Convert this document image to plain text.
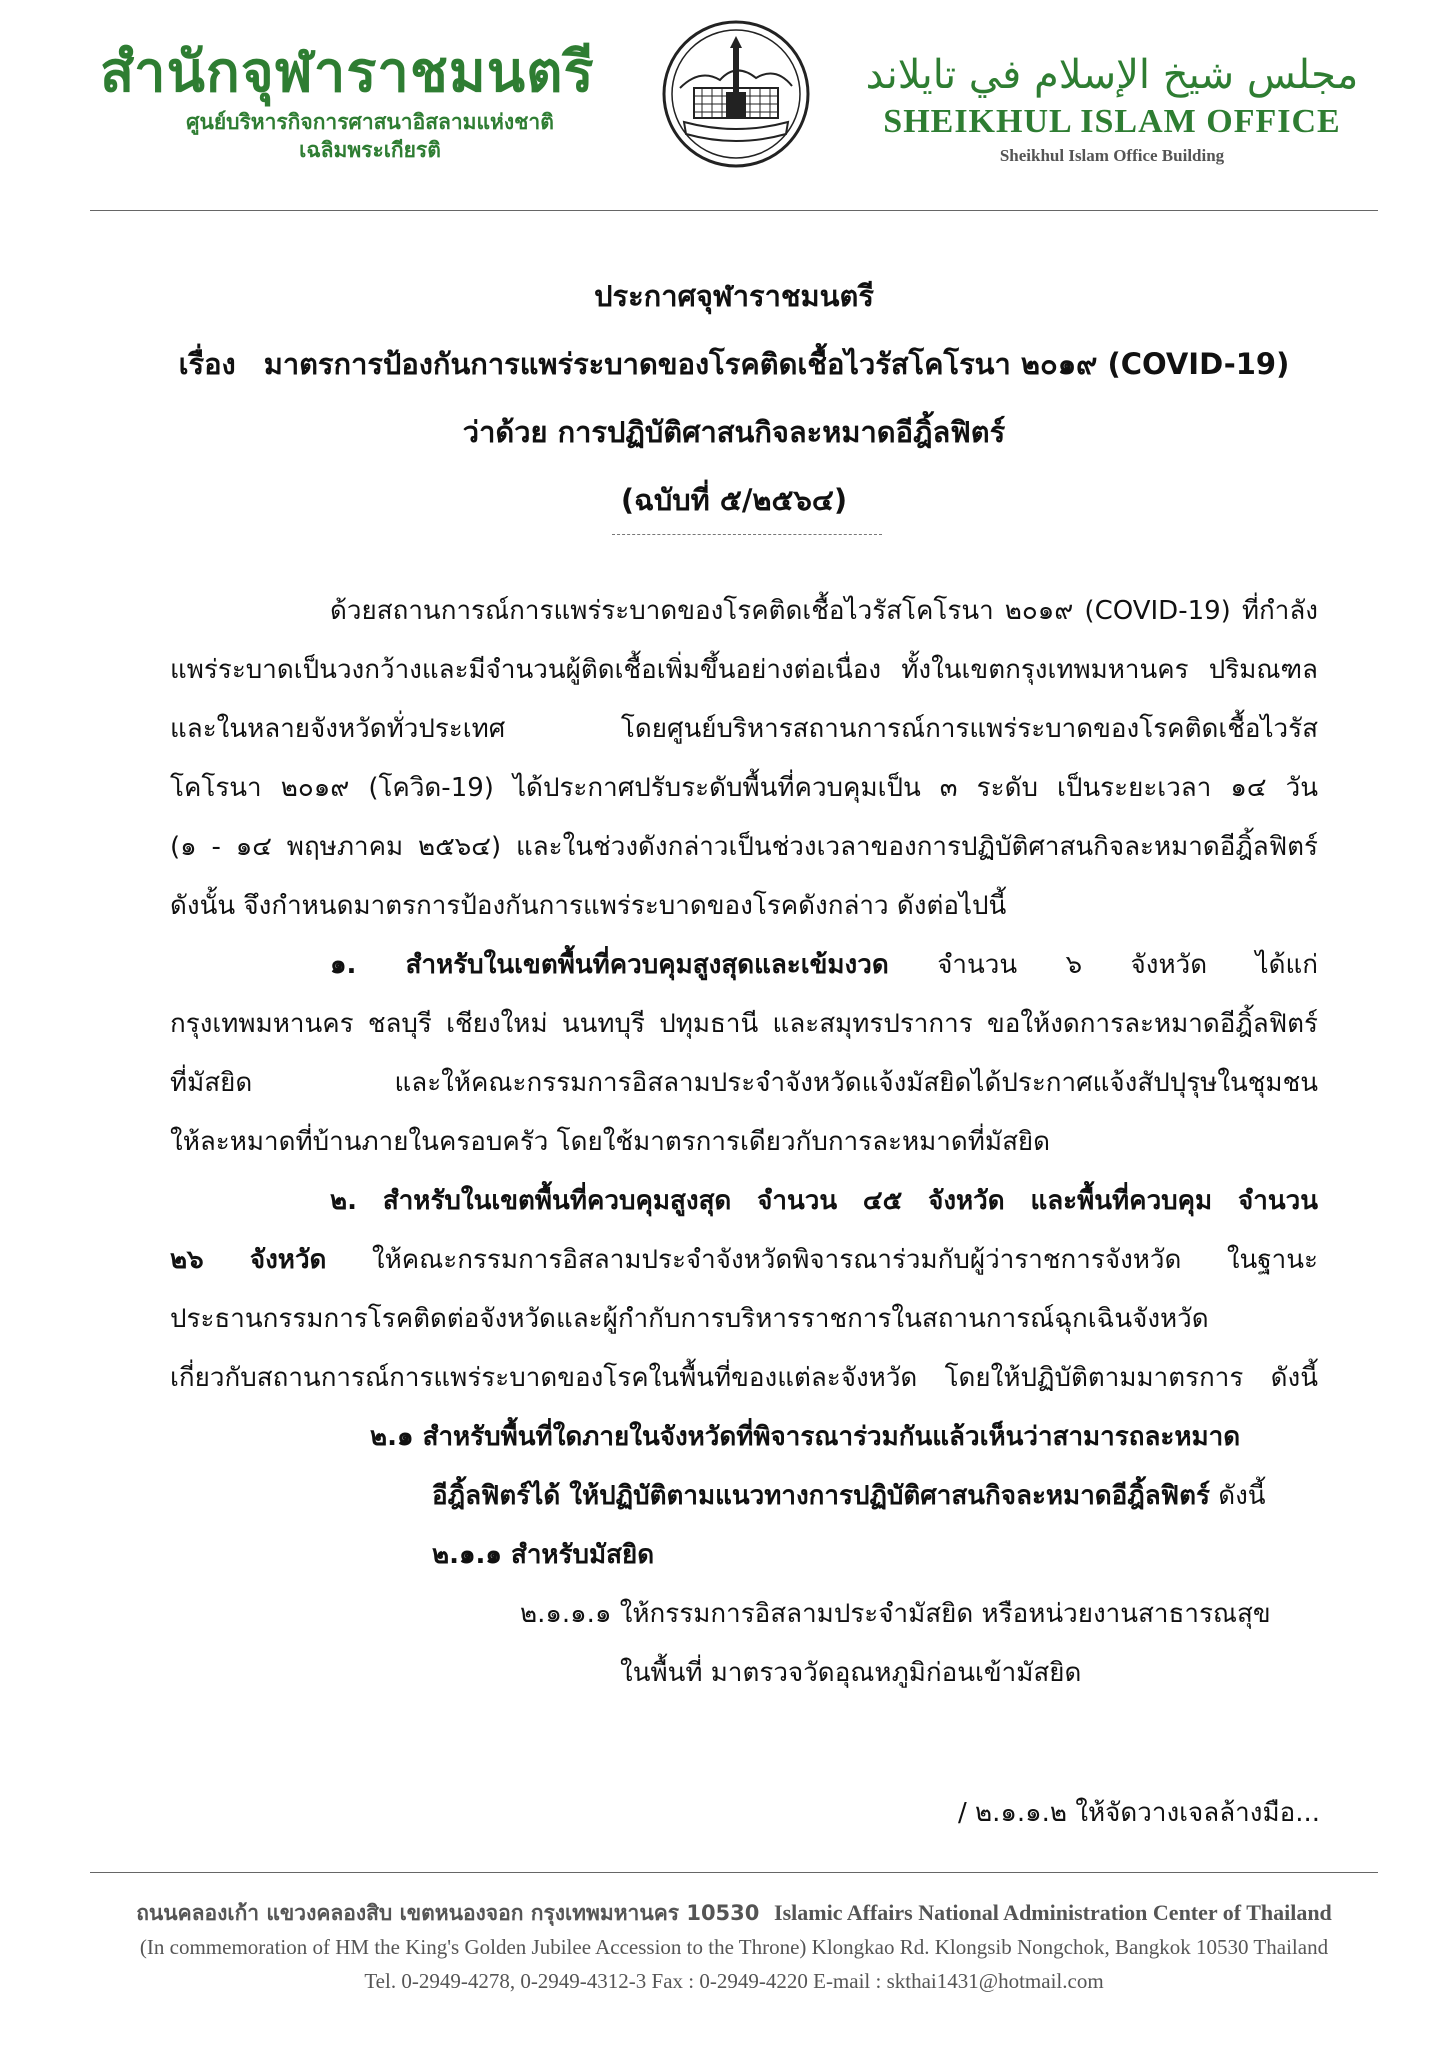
สำนักจุฬาราชมนตรี
ศูนย์บริหารกิจการศาสนาอิสลามแห่งชาติ
เฉลิมพระเกียรติ
مجلس شيخ الإسلام في تايلاند
SHEIKHUL ISLAM OFFICE
Sheikhul Islam Office Building
ประกาศจุฬาราชมนตรี
เรื่อง มาตรการป้องกันการแพร่ระบาดของโรคติดเชื้อไวรัสโคโรนา ๒๐๑๙ (COVID-19)
ว่าด้วย การปฏิบัติศาสนกิจละหมาดอีฎิ้ลฟิตร์
(ฉบับที่ ๕/๒๕๖๔)
ด้วยสถานการณ์การแพร่ระบาดของโรคติดเชื้อไวรัสโคโรนา ๒๐๑๙ (COVID-19) ที่กำลัง
แพร่ระบาดเป็นวงกว้างและมีจำนวนผู้ติดเชื้อเพิ่มขึ้นอย่างต่อเนื่อง ทั้งในเขตกรุงเทพมหานคร ปริมณฑล
และในหลายจังหวัดทั่วประเทศ โดยศูนย์บริหารสถานการณ์การแพร่ระบาดของโรคติดเชื้อไวรัส
โคโรนา ๒๐๑๙ (โควิด-19) ได้ประกาศปรับระดับพื้นที่ควบคุมเป็น ๓ ระดับ เป็นระยะเวลา ๑๔ วัน
(๑ - ๑๔ พฤษภาคม ๒๕๖๔) และในช่วงดังกล่าวเป็นช่วงเวลาของการปฏิบัติศาสนกิจละหมาดอีฎิ้ลฟิตร์
ดังนั้น จึงกำหนดมาตรการป้องกันการแพร่ระบาดของโรคดังกล่าว ดังต่อไปนี้
๑. สำหรับในเขตพื้นที่ควบคุมสูงสุดและเข้มงวด จำนวน ๖ จังหวัด ได้แก่
กรุงเทพมหานคร ชลบุรี เชียงใหม่ นนทบุรี ปทุมธานี และสมุทรปราการ ขอให้งดการละหมาดอีฎิ้ลฟิตร์
ที่มัสยิด และให้คณะกรรมการอิสลามประจำจังหวัดแจ้งมัสยิดได้ประกาศแจ้งสัปปุรุษในชุมชน
ให้ละหมาดที่บ้านภายในครอบครัว โดยใช้มาตรการเดียวกับการละหมาดที่มัสยิด
๒. สำหรับในเขตพื้นที่ควบคุมสูงสุด จำนวน ๔๕ จังหวัด และพื้นที่ควบคุม จำนวน
๒๖ จังหวัด ให้คณะกรรมการอิสลามประจำจังหวัดพิจารณาร่วมกับผู้ว่าราชการจังหวัด ในฐานะ
ประธานกรรมการโรคติดต่อจังหวัดและผู้กำกับการบริหารราชการในสถานการณ์ฉุกเฉินจังหวัด
เกี่ยวกับสถานการณ์การแพร่ระบาดของโรคในพื้นที่ของแต่ละจังหวัด โดยให้ปฏิบัติตามมาตรการ ดังนี้
๒.๑ สำหรับพื้นที่ใดภายในจังหวัดที่พิจารณาร่วมกันแล้วเห็นว่าสามารถละหมาด
อีฎิ้ลฟิตร์ได้ ให้ปฏิบัติตามแนวทางการปฏิบัติศาสนกิจละหมาดอีฎิ้ลฟิตร์ ดังนี้
๒.๑.๑ สำหรับมัสยิด
๒.๑.๑.๑ ให้กรรมการอิสลามประจำมัสยิด หรือหน่วยงานสาธารณสุข
ในพื้นที่ มาตรวจวัดอุณหภูมิก่อนเข้ามัสยิด
/ ๒.๑.๑.๒ ให้จัดวางเจลล้างมือ...
ถนนคลองเก้า แขวงคลองสิบ เขตหนองจอก กรุงเทพมหานคร 10530 Islamic Affairs National Administration Center of Thailand
(In commemoration of HM the King's Golden Jubilee Accession to the Throne) Klongkao Rd. Klongsib Nongchok, Bangkok 10530 Thailand
Tel. 0-2949-4278, 0-2949-4312-3 Fax : 0-2949-4220 E-mail : skthai1431@hotmail.com
